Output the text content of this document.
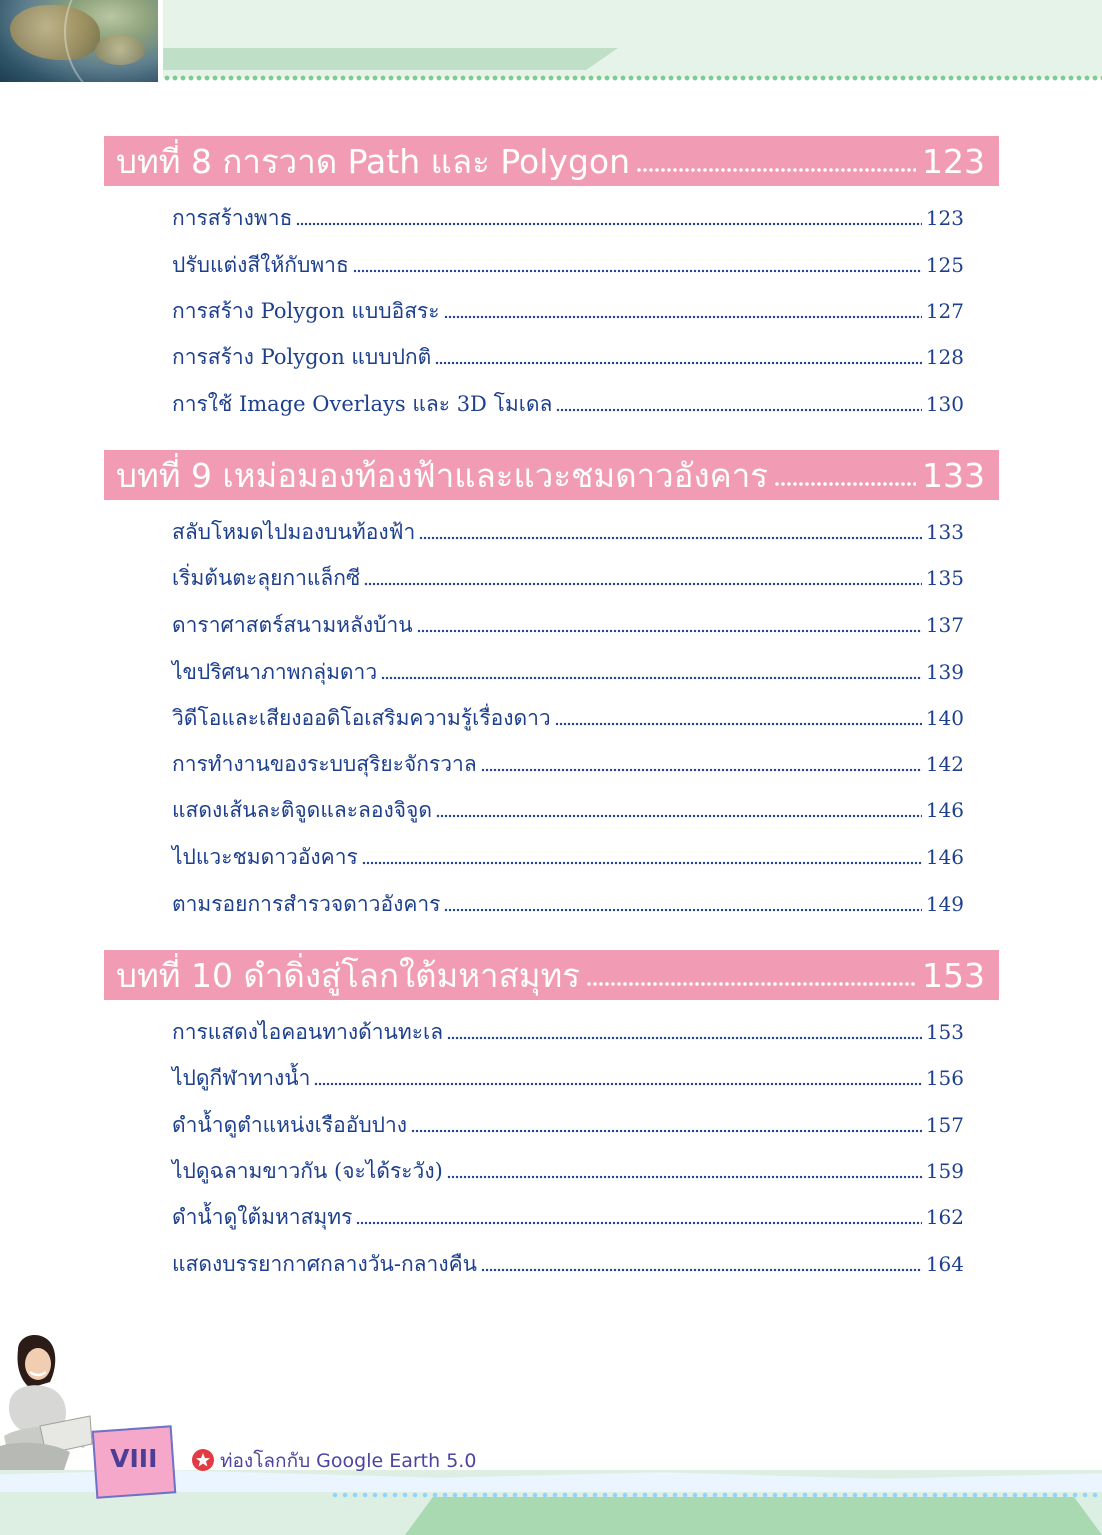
บทที่ 8 การวาด Path และ Polygon	123
การสร้างพาธ	123
ปรับแต่งสีให้กับพาธ	125
การสร้าง Polygon แบบอิสระ	127
การสร้าง Polygon แบบปกติ	128
การใช้ Image Overlays และ 3D โมเดล	130
บทที่ 9 เหม่อมองท้องฟ้าและแวะชมดาวอังคาร	133
สลับโหมดไปมองบนท้องฟ้า	133
เริ่มต้นตะลุยกาแล็กซี	135
ดาราศาสตร์สนามหลังบ้าน	137
ไขปริศนาภาพกลุ่มดาว	139
วิดีโอและเสียงออดิโอเสริมความรู้เรื่องดาว	140
การทำงานของระบบสุริยะจักรวาล	142
แสดงเส้นละติจูดและลองจิจูด	146
ไปแวะชมดาวอังคาร	146
ตามรอยการสำรวจดาวอังคาร	149
บทที่ 10 ดำดิ่งสู่โลกใต้มหาสมุทร	153
การแสดงไอคอนทางด้านทะเล	153
ไปดูกีฬาทางน้ำ	156
ดำน้ำดูตำแหน่งเรืออับปาง	157
ไปดูฉลามขาวกัน (จะได้ระวัง)	159
ดำน้ำดูใต้มหาสมุทร	162
แสดงบรรยากาศกลางวัน-กลางคืน	164
VIII	ท่องโลกกับ Google Earth 5.0
